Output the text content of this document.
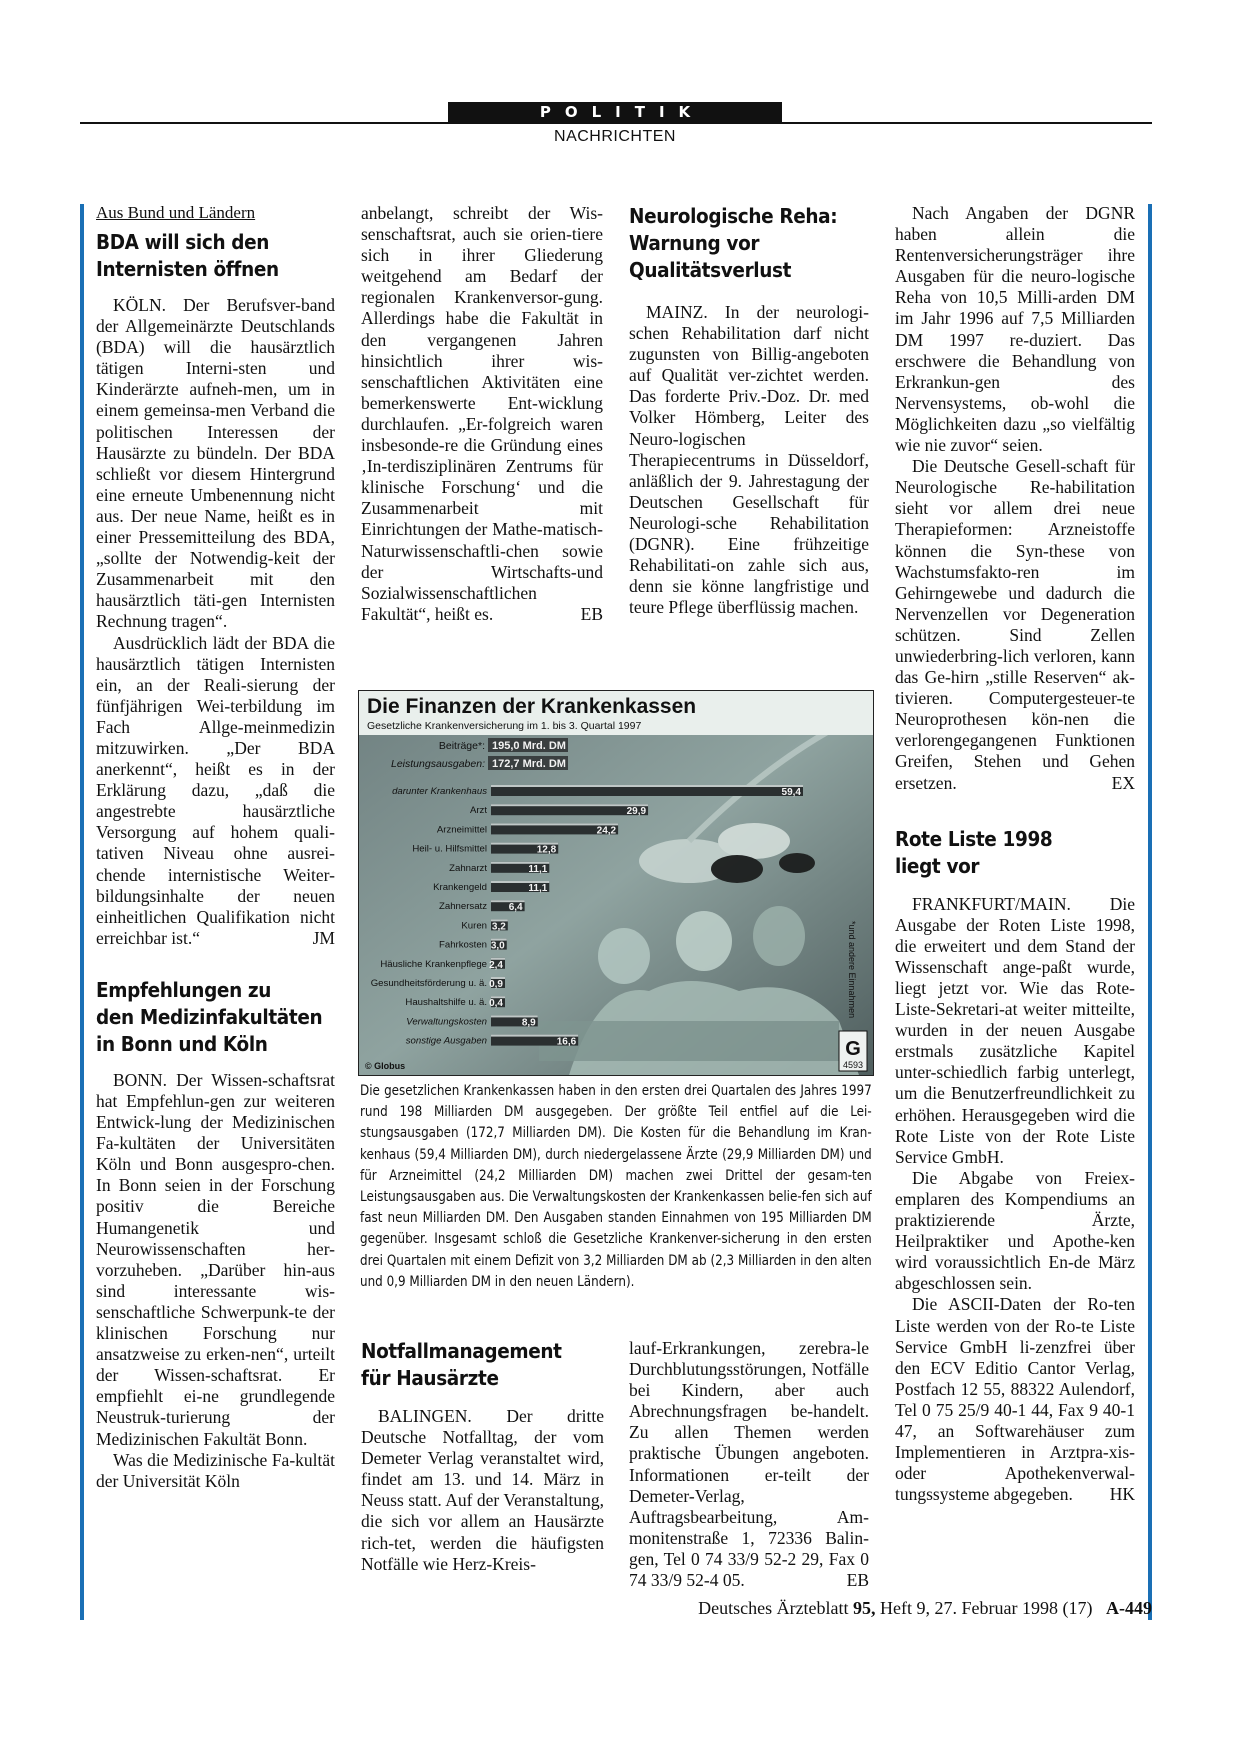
POLITIK
NACHRICHTEN
Aus Bund und Ländern
BDA will sich den
Internisten öffnen

KÖLN. Der Berufsver-band der Allgemeinärzte Deutschlands (BDA) will die hausärztlich tätigen Interni-sten und Kinderärzte aufneh-men, um in einem gemeinsa-men Verband die politischen Interessen der Hausärzte zu bündeln. Der BDA schließt vor diesem Hintergrund eine erneute Umbenennung nicht aus. Der neue Name, heißt es in einer Pressemitteilung des BDA, „sollte der Notwendig-keit der Zusammenarbeit mit den hausärztlich täti-gen Internisten Rechnung tragen“.

Ausdrücklich lädt der BDA die hausärztlich tätigen Internisten ein, an der Reali-sierung der fünfjährigen Wei-terbildung im Fach Allge-meinmedizin mitzuwirken. „Der BDA anerkennt“, heißt es in der Erklärung dazu, „daß die angestrebte hausärztliche Versorgung auf hohem quali-tativen Niveau ohne ausrei-chende internistische Weiter-bildungsinhalte der neuen einheitlichen Qualifikation nicht erreichbar ist.“	JM

Empfehlungen zu
den Medizinfakultäten
in Bonn und Köln

BONN. Der Wissen-schaftsrat hat Empfehlun-gen zur weiteren Entwick-lung der Medizinischen Fa-kultäten der Universitäten Köln und Bonn ausgespro-chen. In Bonn seien in der Forschung positiv die Bereiche Humangenetik und Neurowissenschaften her-vorzuheben. „Darüber hin-aus sind interessante wis-senschaftliche Schwerpunk-te der klinischen Forschung nur ansatzweise zu erken-nen“, urteilt der Wissen-schaftsrat. Er empfiehlt ei-ne grundlegende Neustruk-turierung der Medizinischen Fakultät Bonn.

Was die Medizinische Fa-kultät der Universität Köln

anbelangt, schreibt der Wis-senschaftsrat, auch sie orien-tiere sich in ihrer Gliederung weitgehend am Bedarf der regionalen Krankenversor-gung. Allerdings habe die Fakultät in den vergangenen Jahren hinsichtlich ihrer wis-senschaftlichen Aktivitäten eine bemerkenswerte Ent-wicklung durchlaufen. „Er-folgreich waren insbesonde-re die Gründung eines ‚In-terdisziplinären Zentrums für klinische Forschung‘ und die Zusammenarbeit mit Einrichtungen der Mathe-matisch-Naturwissenschaftli-chen sowie der Wirtschafts-und Sozialwissenschaftlichen Fakultät“, heißt es.	EB

Neurologische Reha:
Warnung vor
Qualitätsverlust

MAINZ. In der neurologi-schen Rehabilitation darf nicht zugunsten von Billig-angeboten auf Qualität ver-zichtet werden. Das forderte Priv.-Doz. Dr. med Volker Hömberg, Leiter des Neuro-logischen Therapiecentrums in Düsseldorf, anläßlich der 9. Jahrestagung der Deutschen Gesellschaft für Neurologi-sche Rehabilitation (DGNR). Eine frühzeitige Rehabilitati-on zahle sich aus, denn sie könne langfristige und teure Pflege überflüssig machen.

Nach Angaben der DGNR haben allein die Rentenversicherungsträger ihre Ausgaben für die neuro-logische Reha von 10,5 Milli-arden DM im Jahr 1996 auf 7,5 Milliarden DM 1997 re-duziert. Das erschwere die Behandlung von Erkrankun-gen des Nervensystems, ob-wohl die Möglichkeiten dazu „so vielfältig wie nie zuvor“ seien.

Die Deutsche Gesell-schaft für Neurologische Re-habilitation sieht vor allem drei neue Therapieformen: Arzneistoffe können die Syn-these von Wachstumsfakto-ren im Gehirngewebe und dadurch die Nervenzellen vor Degeneration schützen. Sind Zellen unwiederbring-lich verloren, kann das Ge-hirn „stille Reserven“ ak-tivieren. Computergesteuer-te Neuroprothesen kön-nen die verlorengegangenen Funktionen Greifen, Stehen und Gehen ersetzen.	EX

Rote Liste 1998
liegt vor

FRANKFURT/MAIN. Die Ausgabe der Roten Liste 1998, die erweitert und dem Stand der Wissenschaft ange-paßt wurde, liegt jetzt vor. Wie das Rote-Liste-Sekretari-at weiter mitteilte, wurden in der neuen Ausgabe erstmals zusätzliche Kapitel unter-schiedlich farbig unterlegt, um die Benutzerfreundlichkeit zu erhöhen. Herausgegeben wird die Rote Liste von der Rote Liste Service GmbH.

Die Abgabe von Freiex-emplaren des Kompendiums an praktizierende Ärzte, Heilpraktiker und Apothe-ken wird voraussichtlich En-de März abgeschlossen sein.

Die ASCII-Daten der Ro-ten Liste werden von der Ro-te Liste Service GmbH li-zenzfrei über den ECV Editio Cantor Verlag, Postfach 12 55, 88322 Aulendorf, Tel 0 75 25/9 40-1 44, Fax 9 40-1 47, an Softwarehäuser zum Implementieren in Arztpra-xis- oder Apothekenverwal-tungssysteme abgegeben.	HK

Die Finanzen der Krankenkassen
Gesetzliche Krankenversicherung im 1. bis 3. Quartal 1997
Beiträge*: 195,0 Mrd. DM
Leistungsausgaben: 172,7 Mrd. DM
darunter Krankenhaus	59,4
Arzt	29,9
Arzneimittel	24,2
Heil- u. Hilfsmittel	12,8
Zahnarzt	11,1
Krankengeld	11,1
Zahnersatz 6,4
Kuren 3,2
Fahrkosten 3,0
Häusliche Krankenpflege 2,4
Gesundheitsförderung u. ä. 0,9
Haushaltshilfe u. ä. 0,4
Verwaltungskosten	8,9
sonstige Ausgaben	16,6
*und andere Einnahmen
© Globus
G
4593
Die gesetzlichen Krankenkassen haben in den ersten drei Quartalen des Jahres 1997 rund 198 Milliarden DM ausgegeben. Der größte Teil entfiel auf die Lei-stungsausgaben (172,7 Milliarden DM). Die Kosten für die Behandlung im Kran-kenhaus (59,4 Milliarden DM), durch niedergelassene Ärzte (29,9 Milliarden DM) und für Arzneimittel (24,2 Milliarden DM) machen zwei Drittel der gesam-ten Leistungsausgaben aus. Die Verwaltungskosten der Krankenkassen belie-fen sich auf fast neun Milliarden DM. Den Ausgaben standen Einnahmen von 195 Milliarden DM gegenüber. Insgesamt schloß die Gesetzliche Krankenver-sicherung in den ersten drei Quartalen mit einem Defizit von 3,2 Milliarden DM ab (2,3 Milliarden in den alten und 0,9 Milliarden DM in den neuen Ländern).
Notfallmanagement
für Hausärzte

BALINGEN. Der dritte Deutsche Notfalltag, der vom Demeter Verlag veranstaltet wird, findet am 13. und 14. März in Neuss statt. Auf der Veranstaltung, die sich vor allem an Hausärzte rich-tet, werden die häufigsten Notfälle wie Herz-Kreis-

lauf-Erkrankungen, zerebra-le Durchblutungsstörungen, Notfälle bei Kindern, aber auch Abrechnungsfragen be-handelt. Zu allen Themen werden praktische Übungen angeboten. Informationen er-teilt der Demeter-Verlag, Auftragsbearbeitung, Am-monitenstraße 1, 72336 Balin-gen, Tel 0 74 33/9 52-2 29, Fax 0 74 33/9 52-4 05.	EB

Deutsches Ärzteblatt 95, Heft 9, 27. Februar 1998 (17) A-449
